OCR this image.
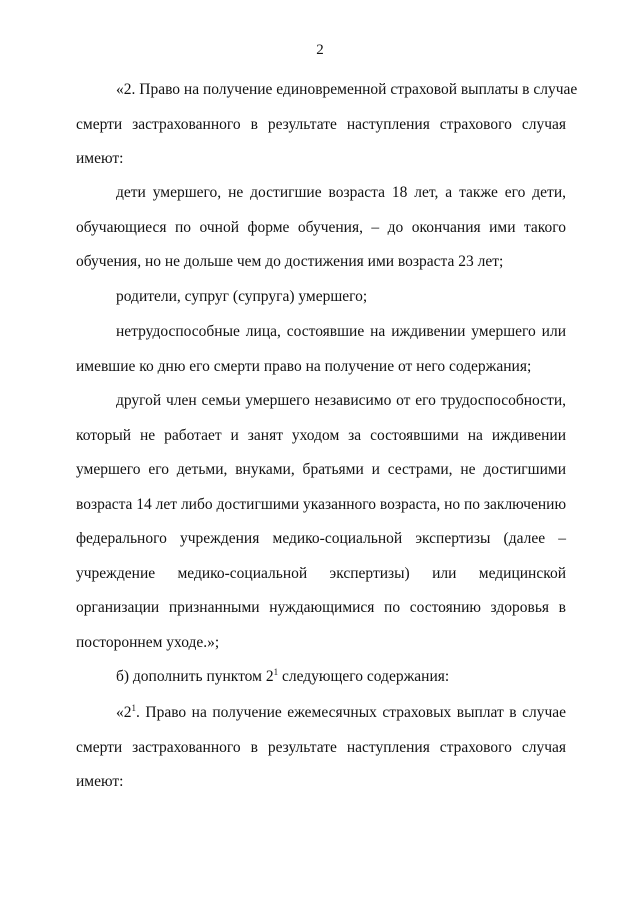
2
«2. Право на получение единовременной страховой выплаты в случае
смерти застрахованного в результате наступления страхового случая
имеют:
дети умершего, не достигшие возраста 18 лет, а также его дети,
обучающиеся по очной форме обучения, – до окончания ими такого
обучения, но не дольше чем до достижения ими возраста 23 лет;
родители, супруг (супруга) умершего;
нетрудоспособные лица, состоявшие на иждивении умершего или
имевшие ко дню его смерти право на получение от него содержания;
другой член семьи умершего независимо от его трудоспособности,
который не работает и занят уходом за состоявшими на иждивении
умершего его детьми, внуками, братьями и сестрами, не достигшими
возраста 14 лет либо достигшими указанного возраста, но по заключению
федерального учреждения медико-социальной экспертизы (далее –
учреждение медико-социальной экспертизы) или медицинской
организации признанными нуждающимися по состоянию здоровья в
постороннем уходе.»;
б) дополнить пунктом $2^1$ следующего содержания:
«$2^1$. Право на получение ежемесячных страховых выплат в случае
смерти застрахованного в результате наступления страхового случая
имеют:
